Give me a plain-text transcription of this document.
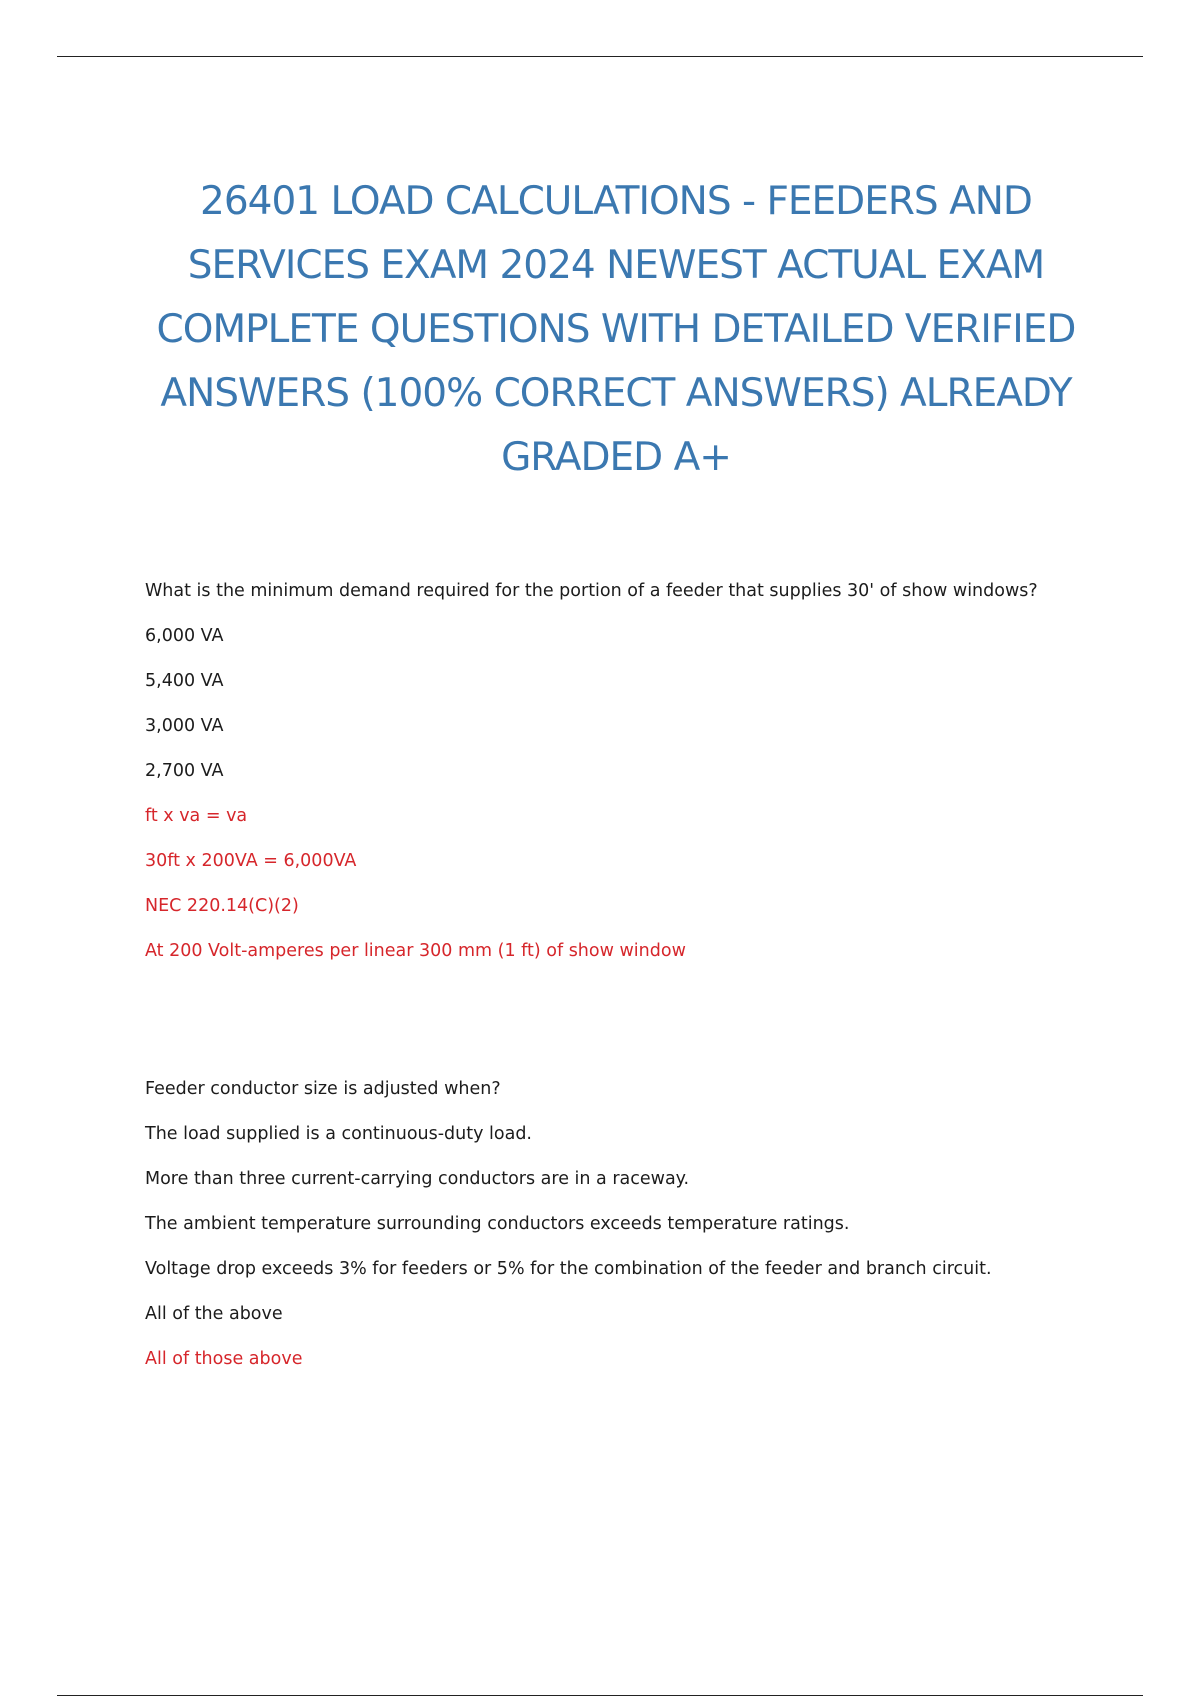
26401 LOAD CALCULATIONS - FEEDERS AND SERVICES EXAM 2024 NEWEST ACTUAL EXAM COMPLETE QUESTIONS WITH DETAILED VERIFIED ANSWERS (100% CORRECT ANSWERS) ALREADY GRADED A+
What is the minimum demand required for the portion of a feeder that supplies 30' of show windows?
6,000 VA
5,400 VA
3,000 VA
2,700 VA
ft x va = va
30ft x 200VA = 6,000VA
NEC 220.14(C)(2)
At 200 Volt-amperes per linear 300 mm (1 ft) of show window
Feeder conductor size is adjusted when?
The load supplied is a continuous-duty load.
More than three current-carrying conductors are in a raceway.
The ambient temperature surrounding conductors exceeds temperature ratings.
Voltage drop exceeds 3% for feeders or 5% for the combination of the feeder and branch circuit.
All of the above
All of those above
